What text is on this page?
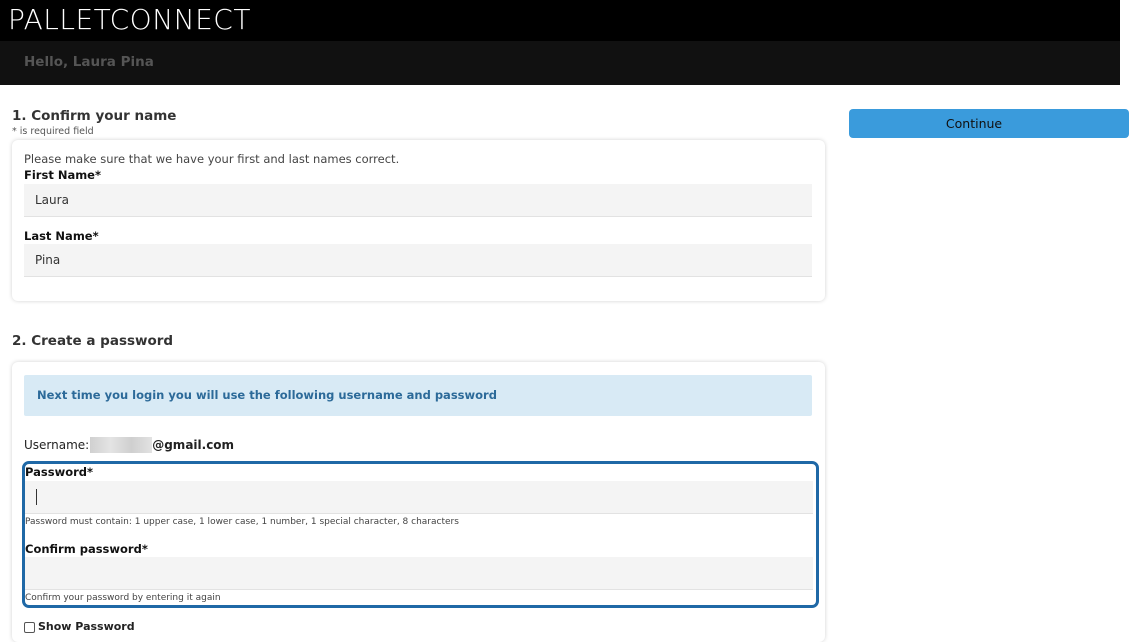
PALLETCONNECT
Hello, Laura Pina
Continue
1. Confirm your name
* is required field
Please make sure that we have your first and last names correct.
First Name*
Laura
Last Name*
Pina
2. Create a password
Next time you login you will use the following username and password
Username:	@gmail.com
Password*
Password must contain: 1 upper case, 1 lower case, 1 number, 1 special character, 8 characters
Confirm password*
Confirm your password by entering it again
Show Password
